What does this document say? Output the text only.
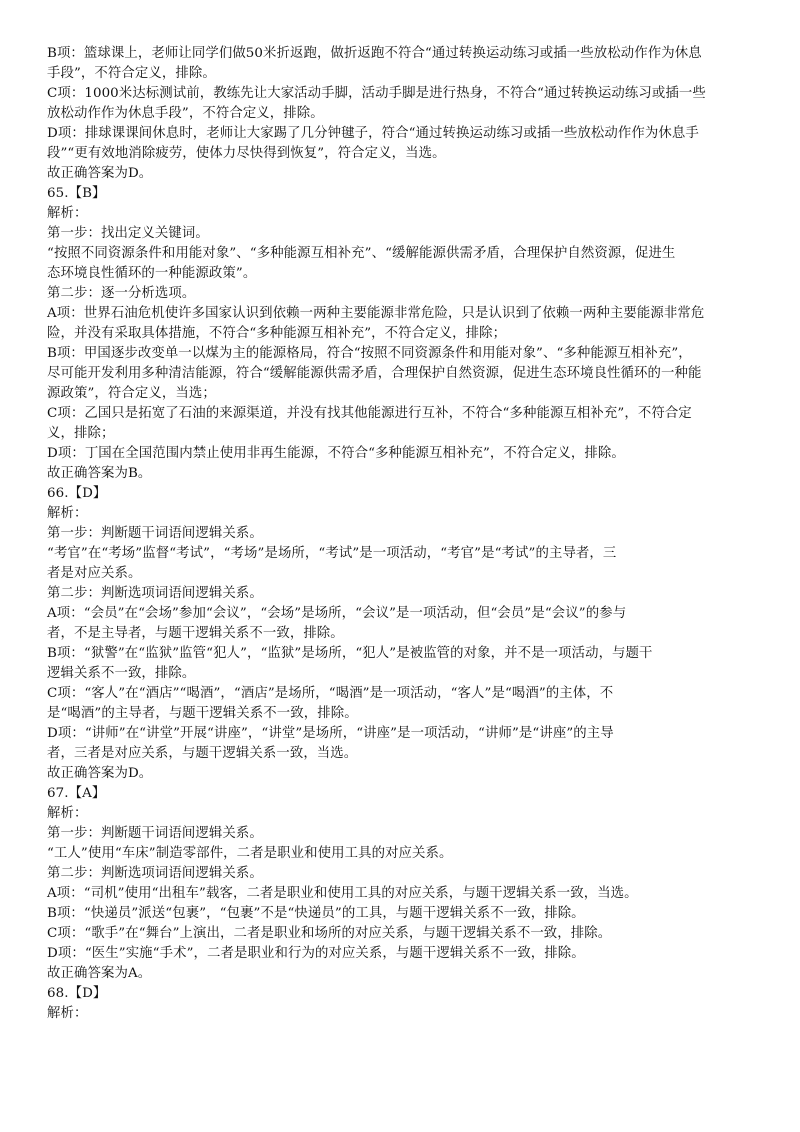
B项：篮球课上，老师让同学们做50米折返跑，做折返跑不符合“通过转换运动练习或插一些放松动作作为休息

手段”，不符合定义，排除。

C项：1000米达标测试前，教练先让大家活动手脚，活动手脚是进行热身，不符合“通过转换运动练习或插一些

放松动作作为休息手段”，不符合定义，排除。

D项：排球课课间休息时，老师让大家踢了几分钟毽子，符合“通过转换运动练习或插一些放松动作作为休息手

段”“更有效地消除疲劳，使体力尽快得到恢复”，符合定义，当选。

故正确答案为D。

65.【B】

解析：

第一步：找出定义关键词。

“按照不同资源条件和用能对象”、“多种能源互相补充”、“缓解能源供需矛盾，合理保护自然资源，促进生

态环境良性循环的一种能源政策”。

第二步：逐一分析选项。

A项：世界石油危机使许多国家认识到依赖一两种主要能源非常危险，只是认识到了依赖一两种主要能源非常危

险，并没有采取具体措施，不符合“多种能源互相补充”，不符合定义，排除；

B项：甲国逐步改变单一以煤为主的能源格局，符合“按照不同资源条件和用能对象”、“多种能源互相补充”，

尽可能开发利用多种清洁能源，符合“缓解能源供需矛盾，合理保护自然资源，促进生态环境良性循环的一种能

源政策”，符合定义，当选；

C项：乙国只是拓宽了石油的来源渠道，并没有找其他能源进行互补，不符合“多种能源互相补充”，不符合定

义，排除；

D项：丁国在全国范围内禁止使用非再生能源，不符合“多种能源互相补充”，不符合定义，排除。

故正确答案为B。

66.【D】

解析：

第一步：判断题干词语间逻辑关系。

“考官”在“考场”监督“考试”，“考场”是场所，“考试”是一项活动，“考官”是“考试”的主导者，三

者是对应关系。

第二步：判断选项词语间逻辑关系。

A项：“会员”在“会场”参加“会议”，“会场”是场所，“会议”是一项活动，但“会员”是“会议”的参与

者，不是主导者，与题干逻辑关系不一致，排除。

B项：“狱警”在“监狱”监管“犯人”，“监狱”是场所，“犯人”是被监管的对象，并不是一项活动，与题干

逻辑关系不一致，排除。

C项：“客人”在“酒店”“喝酒”，“酒店”是场所，“喝酒”是一项活动，“客人”是“喝酒”的主体，不

是“喝酒”的主导者，与题干逻辑关系不一致，排除。

D项：“讲师”在“讲堂”开展“讲座”，“讲堂”是场所，“讲座”是一项活动，“讲师”是“讲座”的主导

者，三者是对应关系，与题干逻辑关系一致，当选。

故正确答案为D。

67.【A】

解析：

第一步：判断题干词语间逻辑关系。

“工人”使用“车床”制造零部件，二者是职业和使用工具的对应关系。

第二步：判断选项词语间逻辑关系。

A项：“司机”使用“出租车”载客，二者是职业和使用工具的对应关系，与题干逻辑关系一致，当选。

B项：“快递员”派送“包裹”，“包裹”不是“快递员”的工具，与题干逻辑关系不一致，排除。

C项：“歌手”在“舞台”上演出，二者是职业和场所的对应关系，与题干逻辑关系不一致，排除。

D项：“医生”实施“手术”，二者是职业和行为的对应关系，与题干逻辑关系不一致，排除。

故正确答案为A。

68.【D】

解析：
